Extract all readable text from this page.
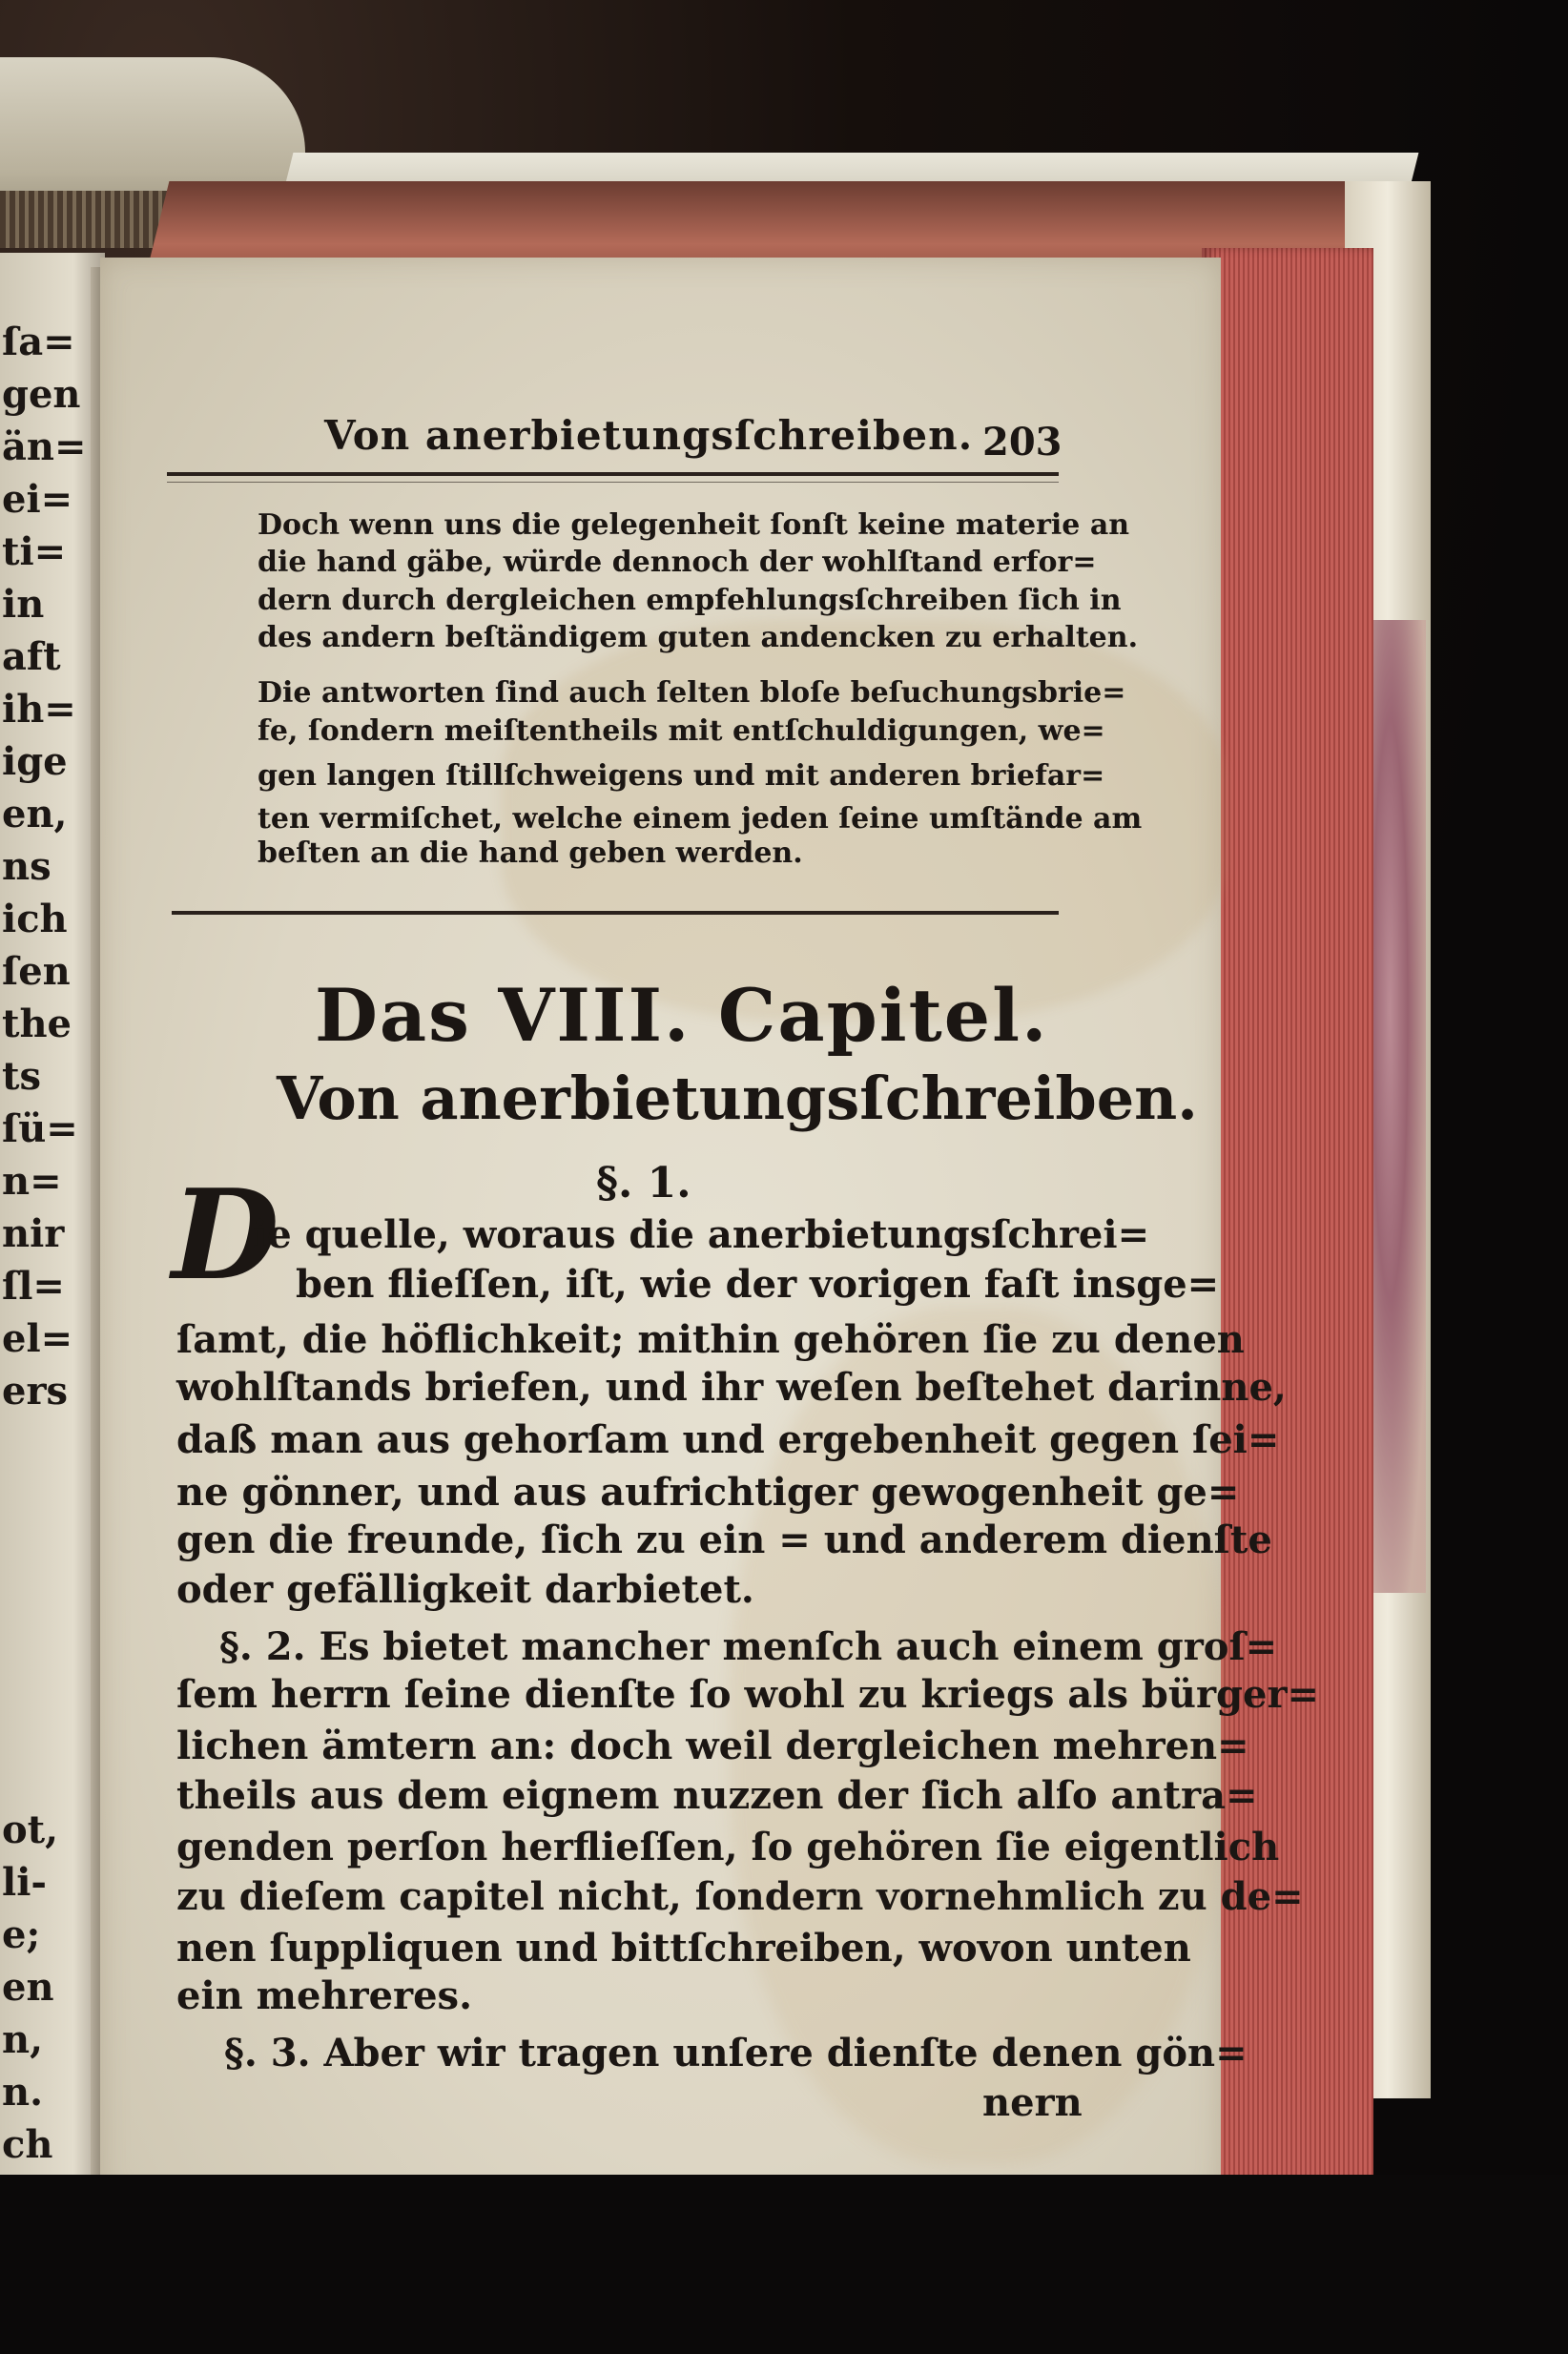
ſa=
gen
än=
ei=
ti=
in
aft
ih=
ige
en,
ns
ich
ſen
the
ts
ſü=
n=
nir
ſl=
el=
ers
ot,
li-
e;
en
n,
n.
ch
Von anerbietungsſchreiben. 203
Doch wenn uns die gelegenheit ſonſt keine materie an
die hand gäbe, würde dennoch der wohlſtand erfor=
dern durch dergleichen empfehlungsſchreiben ſich in
des andern beſtändigem guten andencken zu erhalten.
Die antworten ſind auch ſelten bloſe beſuchungsbrie=
fe, ſondern meiſtentheils mit entſchuldigungen, we=
gen langen ſtillſchweigens und mit anderen briefar=
ten vermiſchet, welche einem jeden ſeine umſtände am
beſten an die hand geben werden.
Das VIII. Capitel.
Von anerbietungsſchreiben.
§. 1.
D
ie quelle, woraus die anerbietungsſchrei=
ben flieſſen, iſt, wie der vorigen faſt insge=
ſamt, die höflichkeit; mithin gehören ſie zu denen
wohlſtands briefen, und ihr weſen beſtehet darinne,
daß man aus gehorſam und ergebenheit gegen ſei=
ne gönner, und aus aufrichtiger gewogenheit ge=
gen die freunde, ſich zu ein = und anderem dienſte
oder gefälligkeit darbietet.
§. 2. Es bietet mancher menſch auch einem groſ=
ſem herrn ſeine dienſte ſo wohl zu kriegs als bürger=
lichen ämtern an: doch weil dergleichen mehren=
theils aus dem eignem nuzzen der ſich alſo antra=
genden perſon herflieſſen, ſo gehören ſie eigentlich
zu dieſem capitel nicht, ſondern vornehmlich zu de=
nen ſuppliquen und bittſchreiben, wovon unten
ein mehreres.
§. 3. Aber wir tragen unſere dienſte denen gön=
nern
